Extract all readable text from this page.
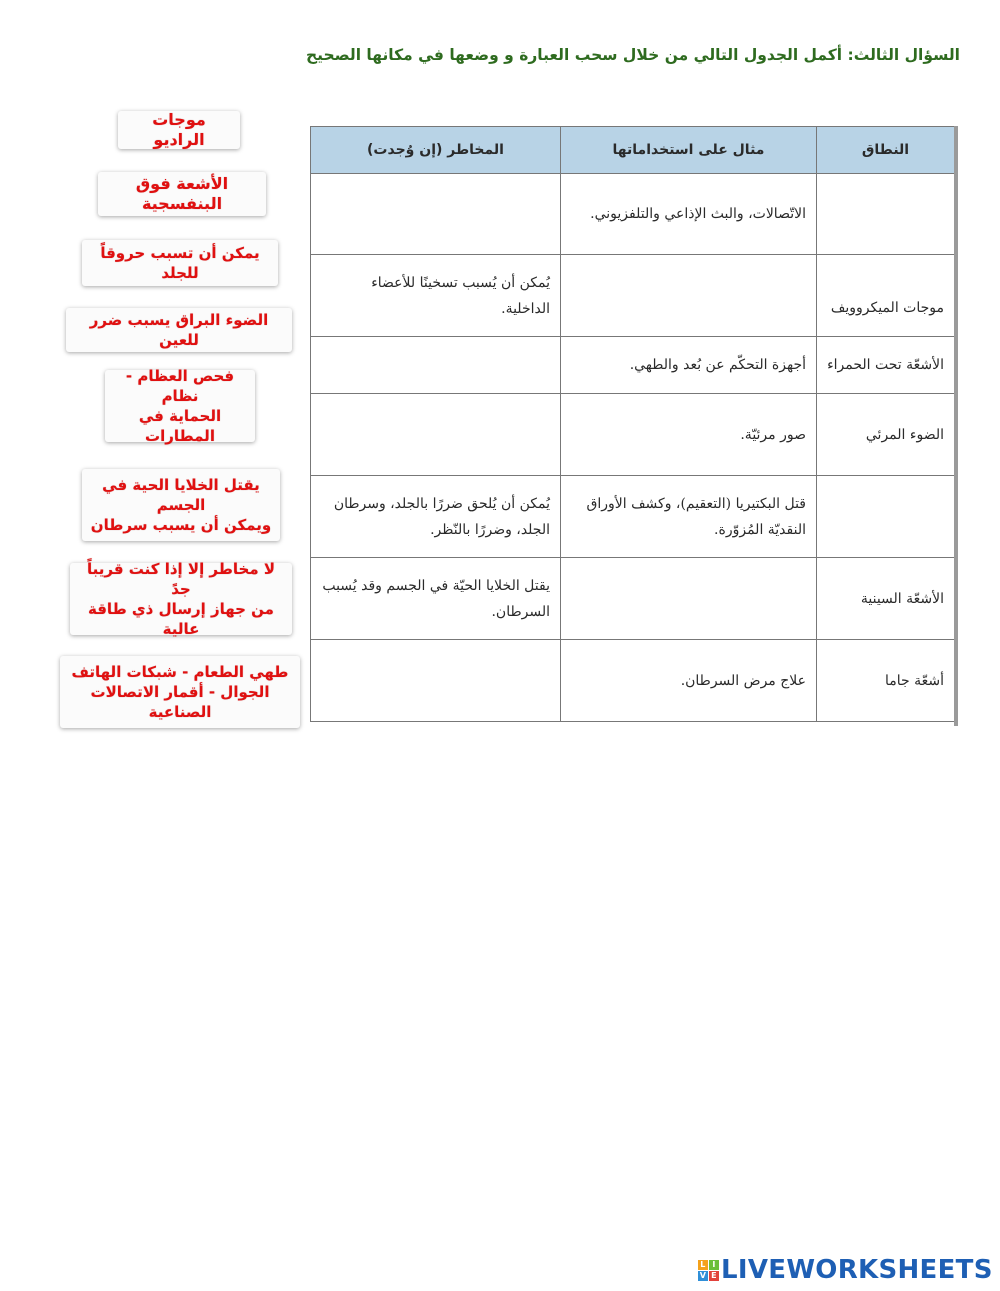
السؤال الثالث: أكمل الجدول التالي من خلال سحب العبارة و وضعها في مكانها الصحيح
موجات الراديو
الأشعة فوق البنفسجية
يمكن أن تسبب حروقاً للجلد
الضوء البراق يسبب ضرر للعين
فحص العظام - نظام
الحماية في المطارات
يقتل الخلايا الحية في الجسم
ويمكن أن يسبب سرطان
لا مخاطر إلا إذا كنت قريباً جدً
من جهاز إرسال ذي طاقة عالية
طهي الطعام - شبكات الهاتف
الجوال - أقمار الاتصالات الصناعية
النطاق	مثال على استخداماتها	المخاطر (إن وُجدت)
	الاتّصالات، والبث الإذاعي والتلفزيوني.	
موجات الميكروويف		يُمكن أن يُسبب تسخينًا للأعضاء الداخلية.
الأشعّة تحت الحمراء	أجهزة التحكّم عن بُعد والطهي.	
الضوء المرئي	صور مرئيّة.	
	قتل البكتيريا (التعقيم)، وكشف الأوراق النقديّة المُزوّرة.	يُمكن أن يُلحق ضررًا بالجلد، وسرطان الجلد، وضررًا بالنّظر.
الأشعّة السينية		يقتل الخلايا الحيّة في الجسم وقد يُسبب السرطان.
أشعّة جاما	علاج مرض السرطان.	
L I
V E LIVEWORKSHEETS
